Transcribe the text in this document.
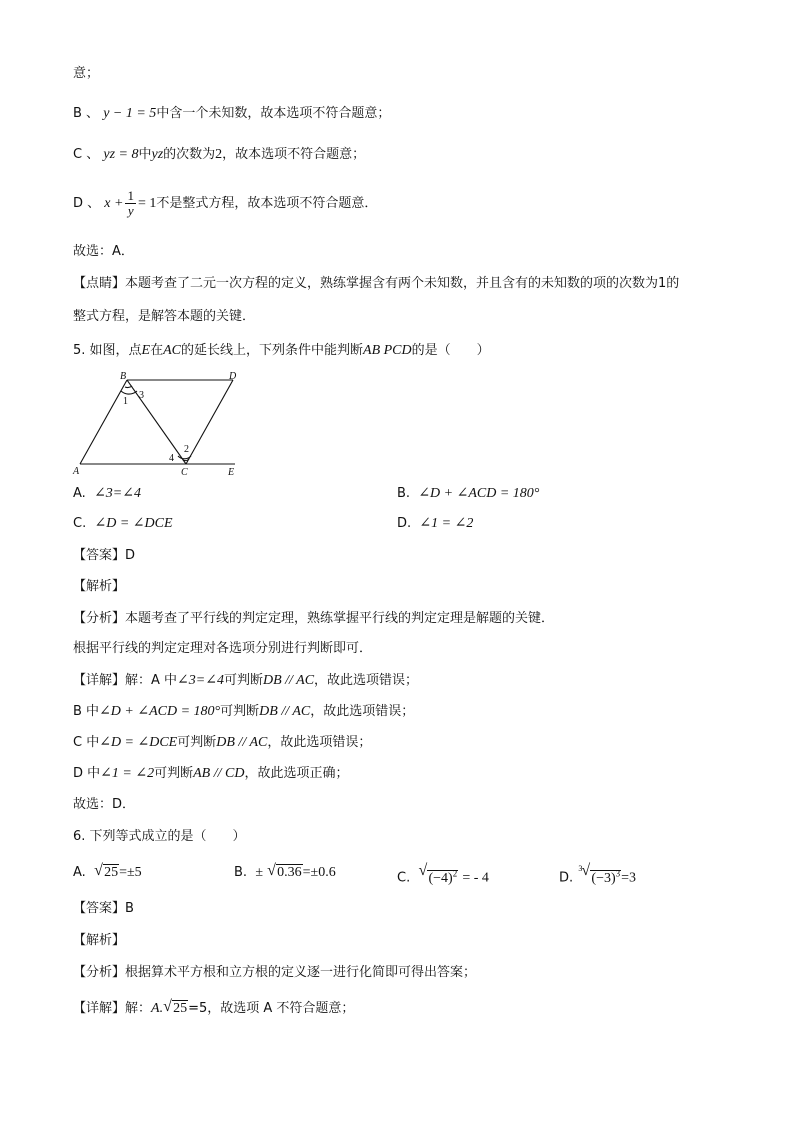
意；
B 、 y − 1 = 5中含一个未知数，故本选项不符合题意；
C 、 yz = 8中yz的次数为2，故本选项不符合题意；
D 、 $x + \frac{1}{y} = 1$不是整式方程，故本选项不符合题意．
故选：A．
【点睛】本题考查了二元一次方程的定义，熟练掌握含有两个未知数，并且含有的未知数的项的次数为1的
整式方程，是解答本题的关键．
5. 如图，点E在AC的延长线上，下列条件中能判断AB PCD的是（　　）
B	D
A	C	E
1
3
2
4
A. ∠3=∠4	B. ∠D + ∠ACD = 180°
C. ∠D = ∠DCE	D. ∠1 = ∠2
【答案】D
【解析】
【分析】本题考查了平行线的判定定理，熟练掌握平行线的判定定理是解题的关键．
根据平行线的判定定理对各选项分别进行判断即可．
【详解】解：A 中∠3=∠4可判断DB // AC，故此选项错误；
B 中∠D + ∠ACD = 180°可判断DB // AC，故此选项错误；
C 中∠D = ∠DCE可判断DB // AC，故此选项错误；
D 中∠1 = ∠2可判断AB // CD，故此选项正确；
故选：D．
6. 下列等式成立的是（　　）
A. √ 25=±5	B. ± √ 0.36=±0.6	C. √ $(-4)^2$ = - 4	D.
3 √ $(-3)^3=3$
【答案】B
【解析】
【分析】根据算术平方根和立方根的定义逐一进行化简即可得出答案；
【详解】解：A. √ 25=5，故选项 A 不符合题意；
